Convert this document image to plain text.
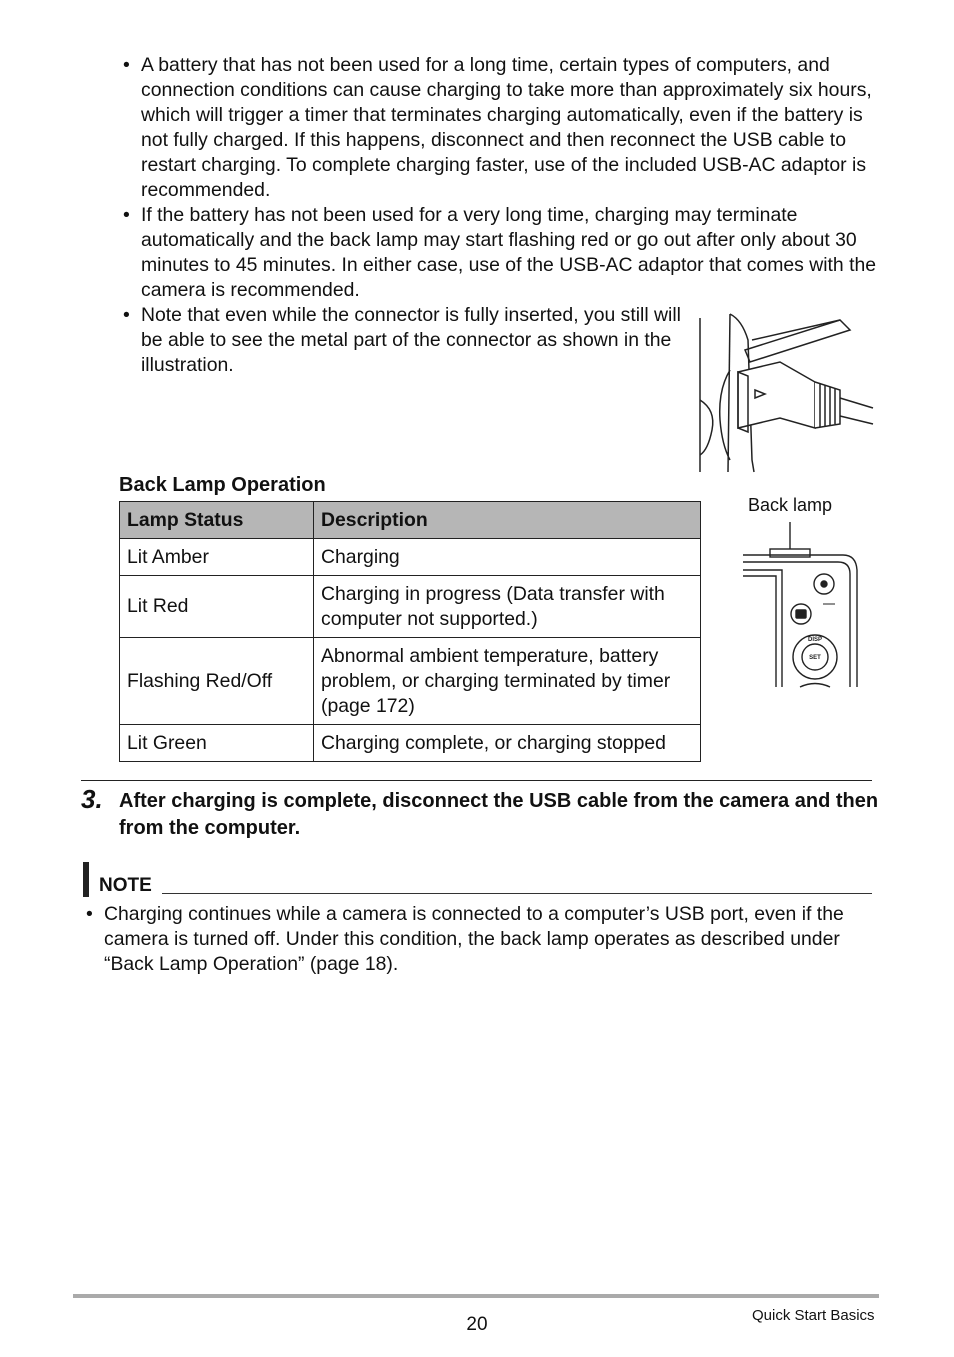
• A battery that has not been used for a long time, certain types of computers, and connection conditions can cause charging to take more than approximately six hours, which will trigger a timer that terminates charging automatically, even if the battery is not fully charged. If this happens, disconnect and then reconnect the USB cable to restart charging. To complete charging faster, use of the included USB-AC adaptor is recommended.
• If the battery has not been used for a very long time, charging may terminate automatically and the back lamp may start flashing red or go out after only about 30 minutes to 45 minutes. In either case, use of the USB-AC adaptor that comes with the camera is recommended.
• Note that even while the connector is fully inserted, you still will be able to see the metal part of the connector as shown in the illustration.
Back Lamp Operation
Lamp Status	Description
Lit Amber	Charging
Lit Red	Charging in progress (Data transfer with computer not supported.)
Flashing Red/Off	Abnormal ambient temperature, battery problem, or charging terminated by timer (page 172)
Lit Green	Charging complete, or charging stopped
Back lamp
DISP
SET
3. After charging is complete, disconnect the USB cable from the camera and then from the computer.
NOTE
• Charging continues while a camera is connected to a computer’s USB port, even if the camera is turned off. Under this condition, the back lamp operates as described under “Back Lamp Operation” (page 18).
20	Quick Start Basics
